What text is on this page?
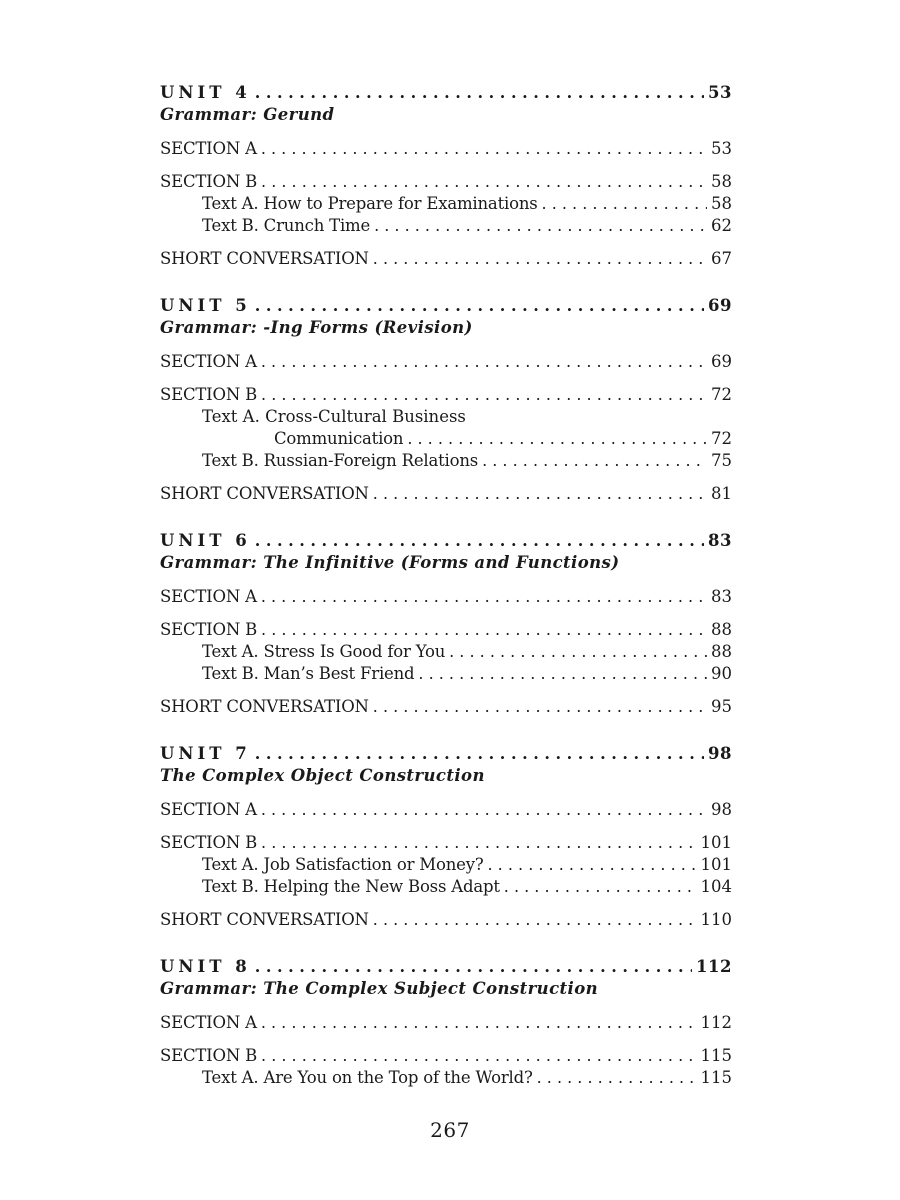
UNIT 4 . . .	53
Grammar: Gerund
SECTION A . . .	53
SECTION B . . .	58
Text A. How to Prepare for Examinations . . .	58
Text B. Crunch Time . . .	62
SHORT CONVERSATION . . .	67
UNIT 5 . . .	69
Grammar: -Ing Forms (Revision)
SECTION A . . .	69
SECTION B . . .	72
Text A. Cross-Cultural Business
Communication . . .	72
Text B. Russian-Foreign Relations . . .	75
SHORT CONVERSATION . . .	81
UNIT 6 . . .	83
Grammar: The Infinitive (Forms and Functions)
SECTION A . . .	83
SECTION B . . .	88
Text A. Stress Is Good for You . . .	88
Text B. Man’s Best Friend . . .	90
SHORT CONVERSATION . . .	95
UNIT 7 . . .	98
The Complex Object Construction
SECTION A . . .	98
SECTION B . . .	101
Text A. Job Satisfaction or Money? . . .	101
Text B. Helping the New Boss Adapt . . .	104
SHORT CONVERSATION . . .	110
UNIT 8 . . .	112
Grammar: The Complex Subject Construction
SECTION A . . .	112
SECTION B . . .	115
Text A. Are You on the Top of the World? . . .	115
267
